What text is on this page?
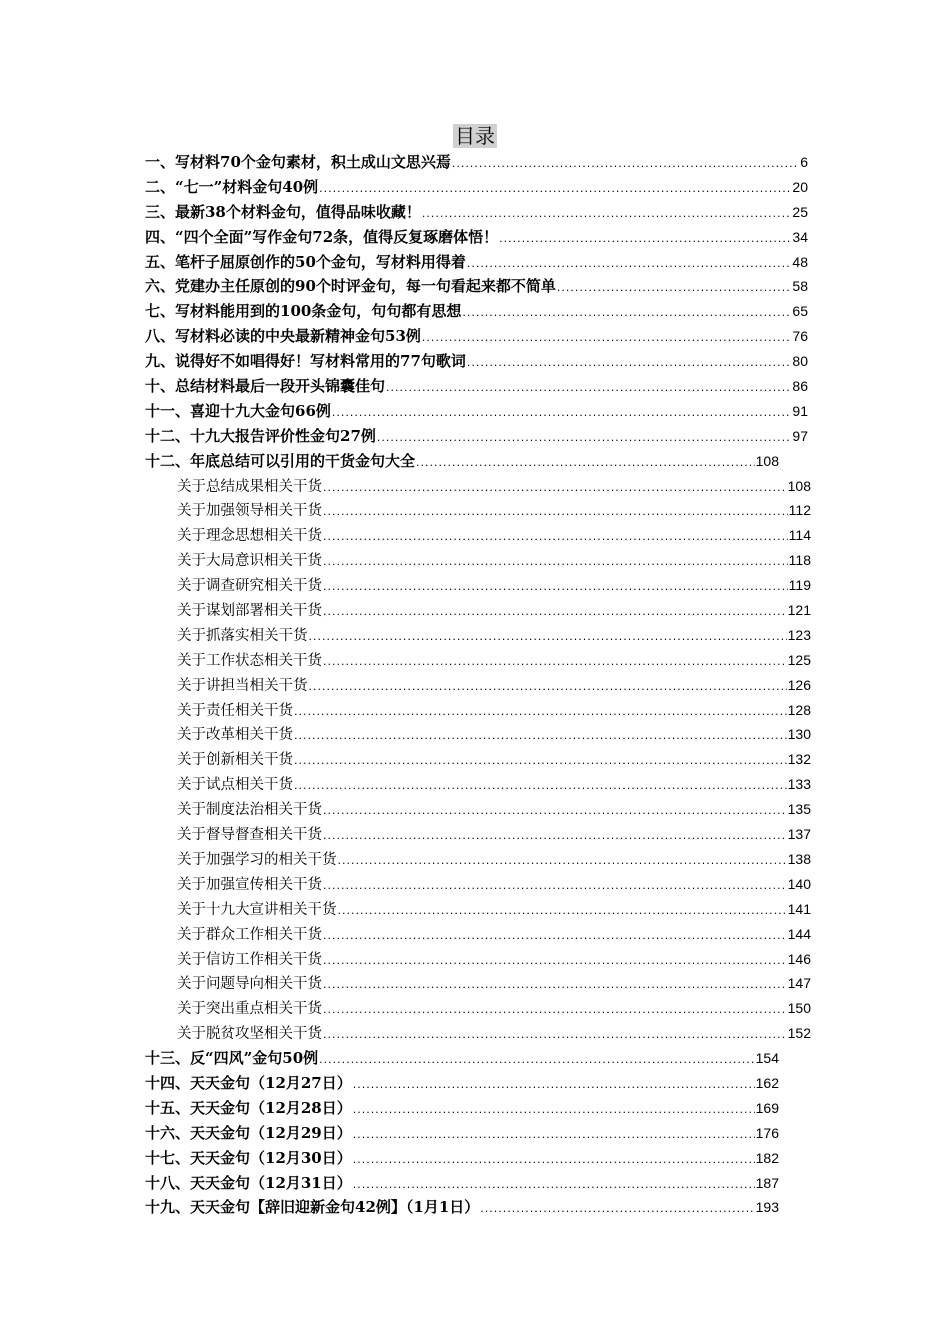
目录
一、写材料70个金句素材，积土成山文思兴焉 .....	6
二、“七一”材料金句40例 .....	20
三、最新38个材料金句，值得品味收藏！ .....	25
四、“四个全面”写作金句72条，值得反复琢磨体悟！ .....	34
五、笔杆子屈原创作的50个金句，写材料用得着 .....	48
六、党建办主任原创的90个时评金句，每一句看起来都不简单 .....	58
七、写材料能用到的100条金句，句句都有思想 .....	65
八、写材料必读的中央最新精神金句53例 .....	76
九、说得好不如唱得好！写材料常用的77句歌词 .....	80
十、总结材料最后一段开头锦囊佳句 .....	86
十一、喜迎十九大金句66例 .....	91
十二、十九大报告评价性金句27例 .....	97
十二、年底总结可以引用的干货金句大全 .....	108
关于总结成果相关干货 .....	108
关于加强领导相关干货 .....	112
关于理念思想相关干货 .....	114
关于大局意识相关干货 .....	118
关于调查研究相关干货 .....	119
关于谋划部署相关干货 .....	121
关于抓落实相关干货 .....	123
关于工作状态相关干货 .....	125
关于讲担当相关干货 .....	126
关于责任相关干货 .....	128
关于改革相关干货 .....	130
关于创新相关干货 .....	132
关于试点相关干货 .....	133
关于制度法治相关干货 .....	135
关于督导督查相关干货 .....	137
关于加强学习的相关干货 .....	138
关于加强宣传相关干货 .....	140
关于十九大宣讲相关干货 .....	141
关于群众工作相关干货 .....	144
关于信访工作相关干货 .....	146
关于问题导向相关干货 .....	147
关于突出重点相关干货 .....	150
关于脱贫攻坚相关干货 .....	152
十三、反“四风”金句50例 .....	154
十四、天天金句（12月27日） .....	162
十五、天天金句（12月28日） .....	169
十六、天天金句（12月29日） .....	176
十七、天天金句（12月30日） .....	182
十八、天天金句（12月31日） .....	187
十九、天天金句【辞旧迎新金句42例】（1月1日） .....	193
